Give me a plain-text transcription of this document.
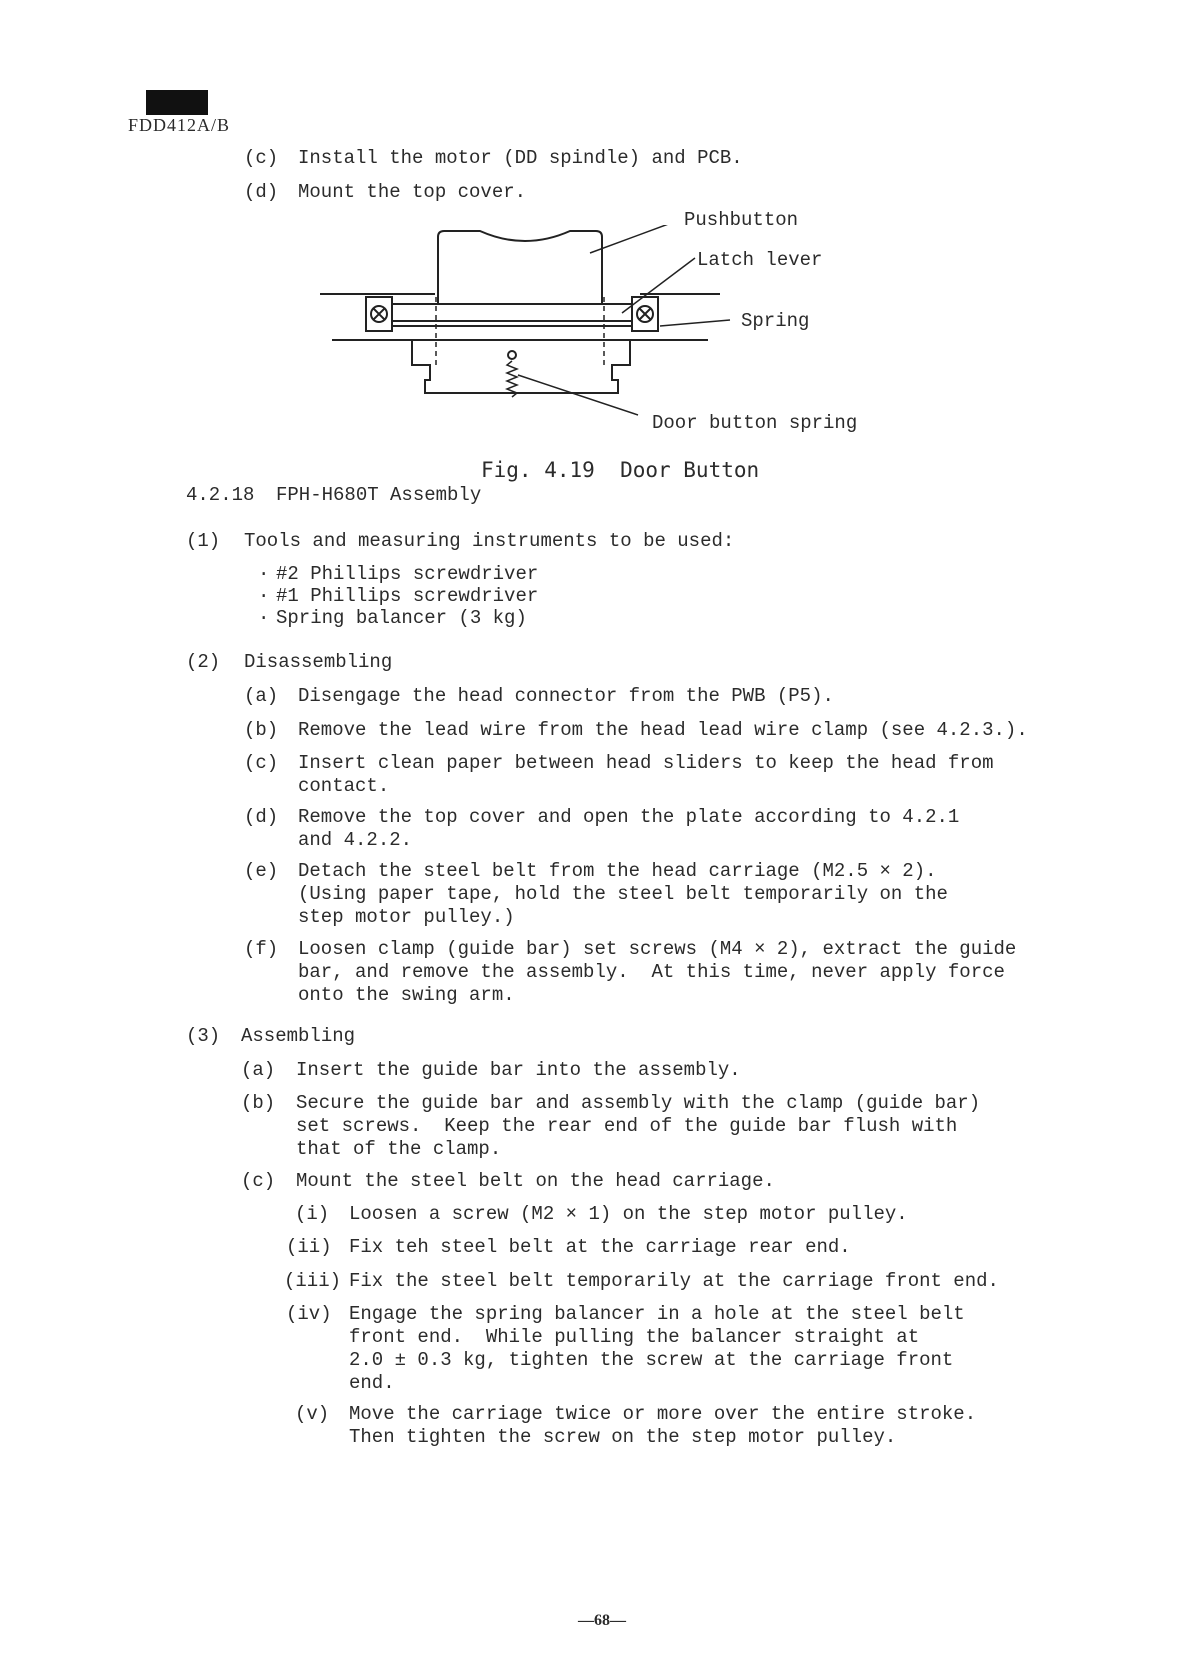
FDD412A/B
(c) Install the motor (DD spindle) and PCB.
(d) Mount the top cover.
Pushbutton
Latch lever
Spring
Door button spring
Fig. 4.19  Door Button
4.2.18 FPH-H680T Assembly
(1) Tools and measuring instruments to be used:
· #2 Phillips screwdriver
· #1 Phillips screwdriver
· Spring balancer (3 kg)
(2) Disassembling
(a) Disengage the head connector from the PWB (P5).
(b) Remove the lead wire from the head lead wire clamp (see 4.2.3.).
(c) Insert clean paper between head sliders to keep the head from
contact.
(d) Remove the top cover and open the plate according to 4.2.1
and 4.2.2.
(e) Detach the steel belt from the head carriage (M2.5 × 2).
(Using paper tape, hold the steel belt temporarily on the
step motor pulley.)
(f) Loosen clamp (guide bar) set screws (M4 × 2), extract the guide
bar, and remove the assembly.  At this time, never apply force
onto the swing arm.
(3) Assembling
(a) Insert the guide bar into the assembly.
(b) Secure the guide bar and assembly with the clamp (guide bar)
set screws.  Keep the rear end of the guide bar flush with
that of the clamp.
(c) Mount the steel belt on the head carriage.
(i) Loosen a screw (M2 × 1) on the step motor pulley.
(ii) Fix teh steel belt at the carriage rear end.
(iii) Fix the steel belt temporarily at the carriage front end.
(iv) Engage the spring balancer in a hole at the steel belt
front end.  While pulling the balancer straight at
2.0 ± 0.3 kg, tighten the screw at the carriage front
end.
(v) Move the carriage twice or more over the entire stroke.
Then tighten the screw on the step motor pulley.
—68—
